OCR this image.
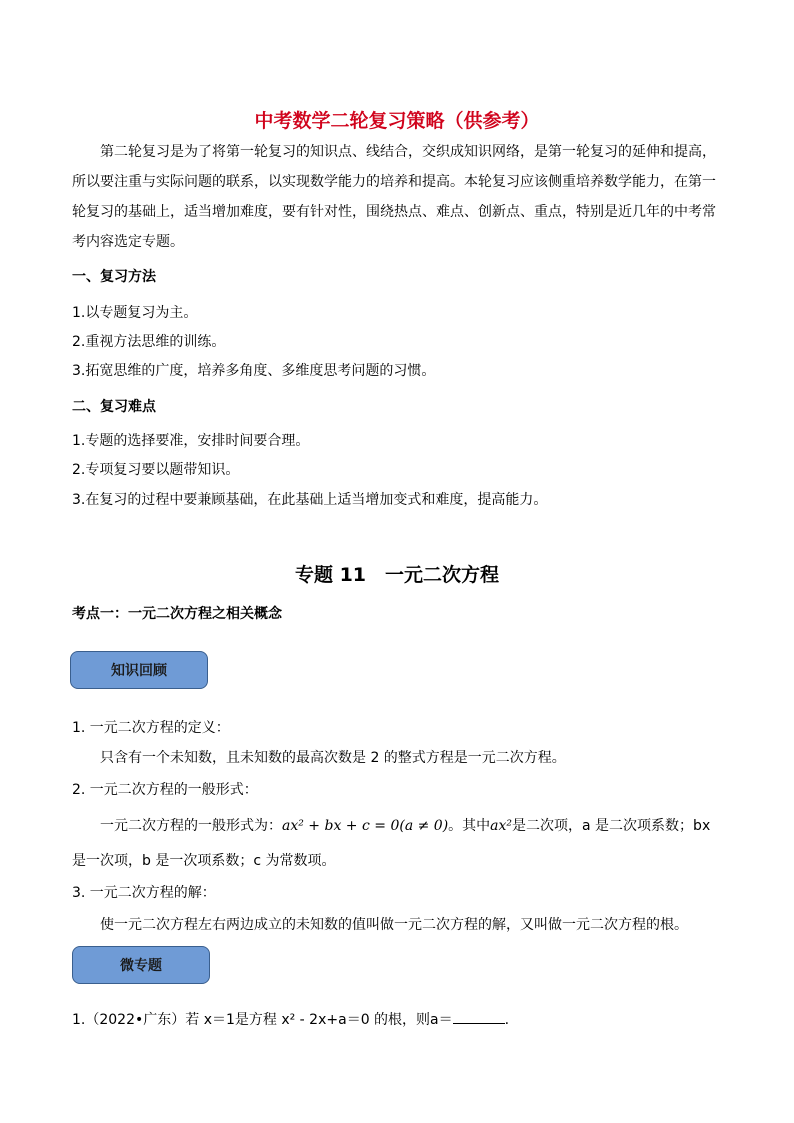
中考数学二轮复习策略（供参考）
第二轮复习是为了将第一轮复习的知识点、线结合，交织成知识网络，是第一轮复习的延伸和提高，
所以要注重与实际问题的联系，以实现数学能力的培养和提高。本轮复习应该侧重培养数学能力，在第一
轮复习的基础上，适当增加难度，要有针对性，围绕热点、难点、创新点、重点，特别是近几年的中考常
考内容选定专题。
一、复习方法
1.以专题复习为主。
2.重视方法思维的训练。
3.拓宽思维的广度，培养多角度、多维度思考问题的习惯。
二、复习难点
1.专题的选择要准，安排时间要合理。
2.专项复习要以题带知识。
3.在复习的过程中要兼顾基础，在此基础上适当增加变式和难度，提高能力。
专题 11　一元二次方程
考点一：一元二次方程之相关概念
知识回顾
1. 一元二次方程的定义：
只含有一个未知数，且未知数的最高次数是 2 的整式方程是一元二次方程。
2. 一元二次方程的一般形式：
一元二次方程的一般形式为：ax² + bx + c = 0(a ≠ 0)。其中ax²是二次项，a 是二次项系数；bx
是一次项，b 是一次项系数；c 为常数项。
3. 一元二次方程的解：
使一元二次方程左右两边成立的未知数的值叫做一元二次方程的解，又叫做一元二次方程的根。
微专题
1.（2022•广东）若 x＝1是方程 x² - 2x+a＝0 的根，则a＝	.
